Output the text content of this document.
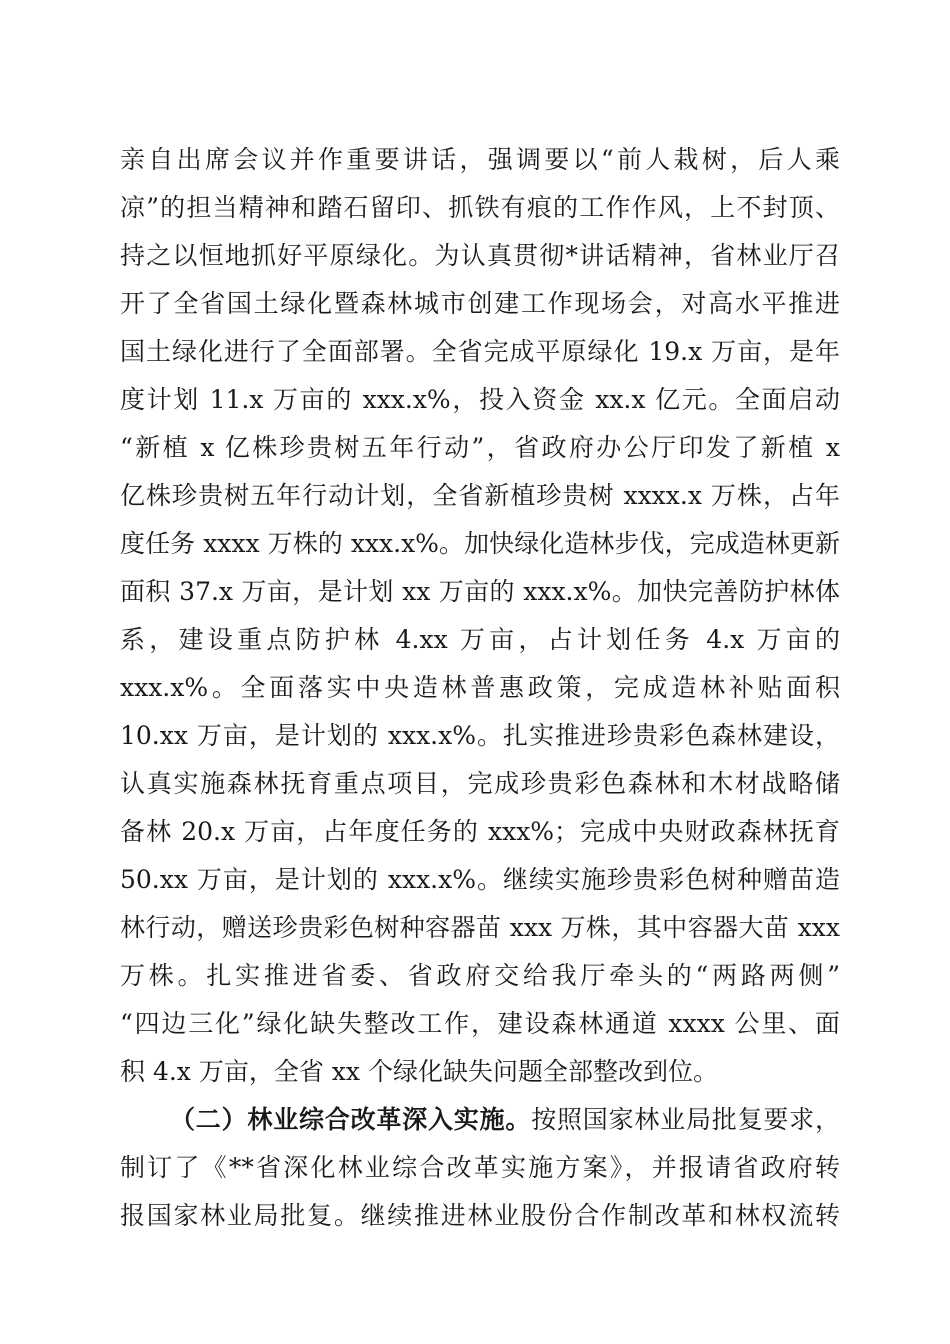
亲自出席会议并作重要讲话，强调要以“前人栽树，后人乘
凉”的担当精神和踏石留印、抓铁有痕的工作作风，上不封顶、
持之以恒地抓好平原绿化。为认真贯彻*讲话精神，省林业厅召
开了全省国土绿化暨森林城市创建工作现场会，对高水平推进
国土绿化进行了全面部署。全省完成平原绿化 19.x 万亩，是年
度计划 11.x 万亩的 xxx.x%，投入资金 xx.x 亿元。全面启动
“新植 x 亿株珍贵树五年行动”，省政府办公厅印发了新植 x
亿株珍贵树五年行动计划，全省新植珍贵树 xxxx.x 万株，占年
度任务 xxxx 万株的 xxx.x%。加快绿化造林步伐，完成造林更新
面积 37.x 万亩，是计划 xx 万亩的 xxx.x%。加快完善防护林体
系，建设重点防护林 4.xx 万亩，占计划任务 4.x 万亩的
xxx.x%。全面落实中央造林普惠政策，完成造林补贴面积
10.xx 万亩，是计划的 xxx.x%。扎实推进珍贵彩色森林建设，
认真实施森林抚育重点项目，完成珍贵彩色森林和木材战略储
备林 20.x 万亩，占年度任务的 xxx%；完成中央财政森林抚育
50.xx 万亩，是计划的 xxx.x%。继续实施珍贵彩色树种赠苗造
林行动，赠送珍贵彩色树种容器苗 xxx 万株，其中容器大苗 xxx
万株。扎实推进省委、省政府交给我厅牵头的“两路两侧”
“四边三化”绿化缺失整改工作，建设森林通道 xxxx 公里、面
积 4.x 万亩，全省 xx 个绿化缺失问题全部整改到位。
（二）林业综合改革深入实施。按照国家林业局批复要求，
制订了《**省深化林业综合改革实施方案》，并报请省政府转
报国家林业局批复。继续推进林业股份合作制改革和林权流转
